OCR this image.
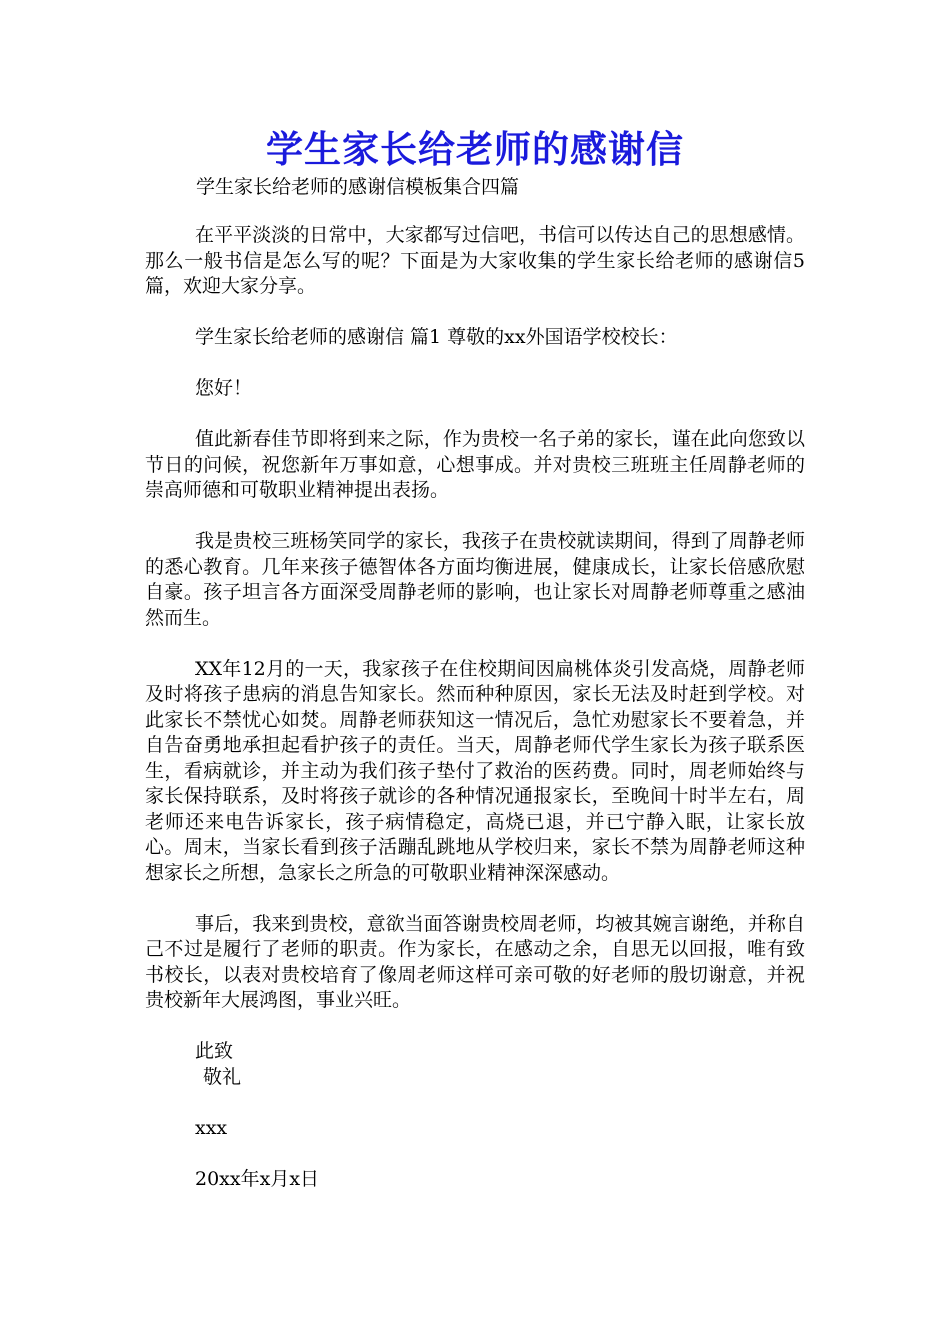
学生家长给老师的感谢信

学生家长给老师的感谢信模板集合四篇

在平平淡淡的日常中，大家都写过信吧，书信可以传达自己的思想感情。那么一般书信是怎么写的呢？下面是为大家收集的学生家长给老师的感谢信5篇，欢迎大家分享。

学生家长给老师的感谢信 篇1 尊敬的xx外国语学校校长：

您好！

值此新春佳节即将到来之际，作为贵校一名子弟的家长，谨在此向您致以节日的问候，祝您新年万事如意，心想事成。并对贵校三班班主任周静老师的崇高师德和可敬职业精神提出表扬。

我是贵校三班杨笑同学的家长，我孩子在贵校就读期间，得到了周静老师的悉心教育。几年来孩子德智体各方面均衡进展，健康成长，让家长倍感欣慰自豪。孩子坦言各方面深受周静老师的影响，也让家长对周静老师尊重之感油然而生。

XX年12月的一天，我家孩子在住校期间因扁桃体炎引发高烧，周静老师及时将孩子患病的消息告知家长。然而种种原因，家长无法及时赶到学校。对此家长不禁忧心如焚。周静老师获知这一情况后，急忙劝慰家长不要着急，并自告奋勇地承担起看护孩子的责任。当天，周静老师代学生家长为孩子联系医生，看病就诊，并主动为我们孩子垫付了救治的医药费。同时，周老师始终与家长保持联系，及时将孩子就诊的各种情况通报家长，至晚间十时半左右，周老师还来电告诉家长，孩子病情稳定，高烧已退，并已宁静入眠，让家长放心。周末，当家长看到孩子活蹦乱跳地从学校归来，家长不禁为周静老师这种想家长之所想，急家长之所急的可敬职业精神深深感动。

事后，我来到贵校，意欲当面答谢贵校周老师，均被其婉言谢绝，并称自己不过是履行了老师的职责。作为家长，在感动之余，自思无以回报，唯有致书校长，以表对贵校培育了像周老师这样可亲可敬的好老师的殷切谢意，并祝贵校新年大展鸿图，事业兴旺。

此致

敬礼

xxx

20xx年x月x日
